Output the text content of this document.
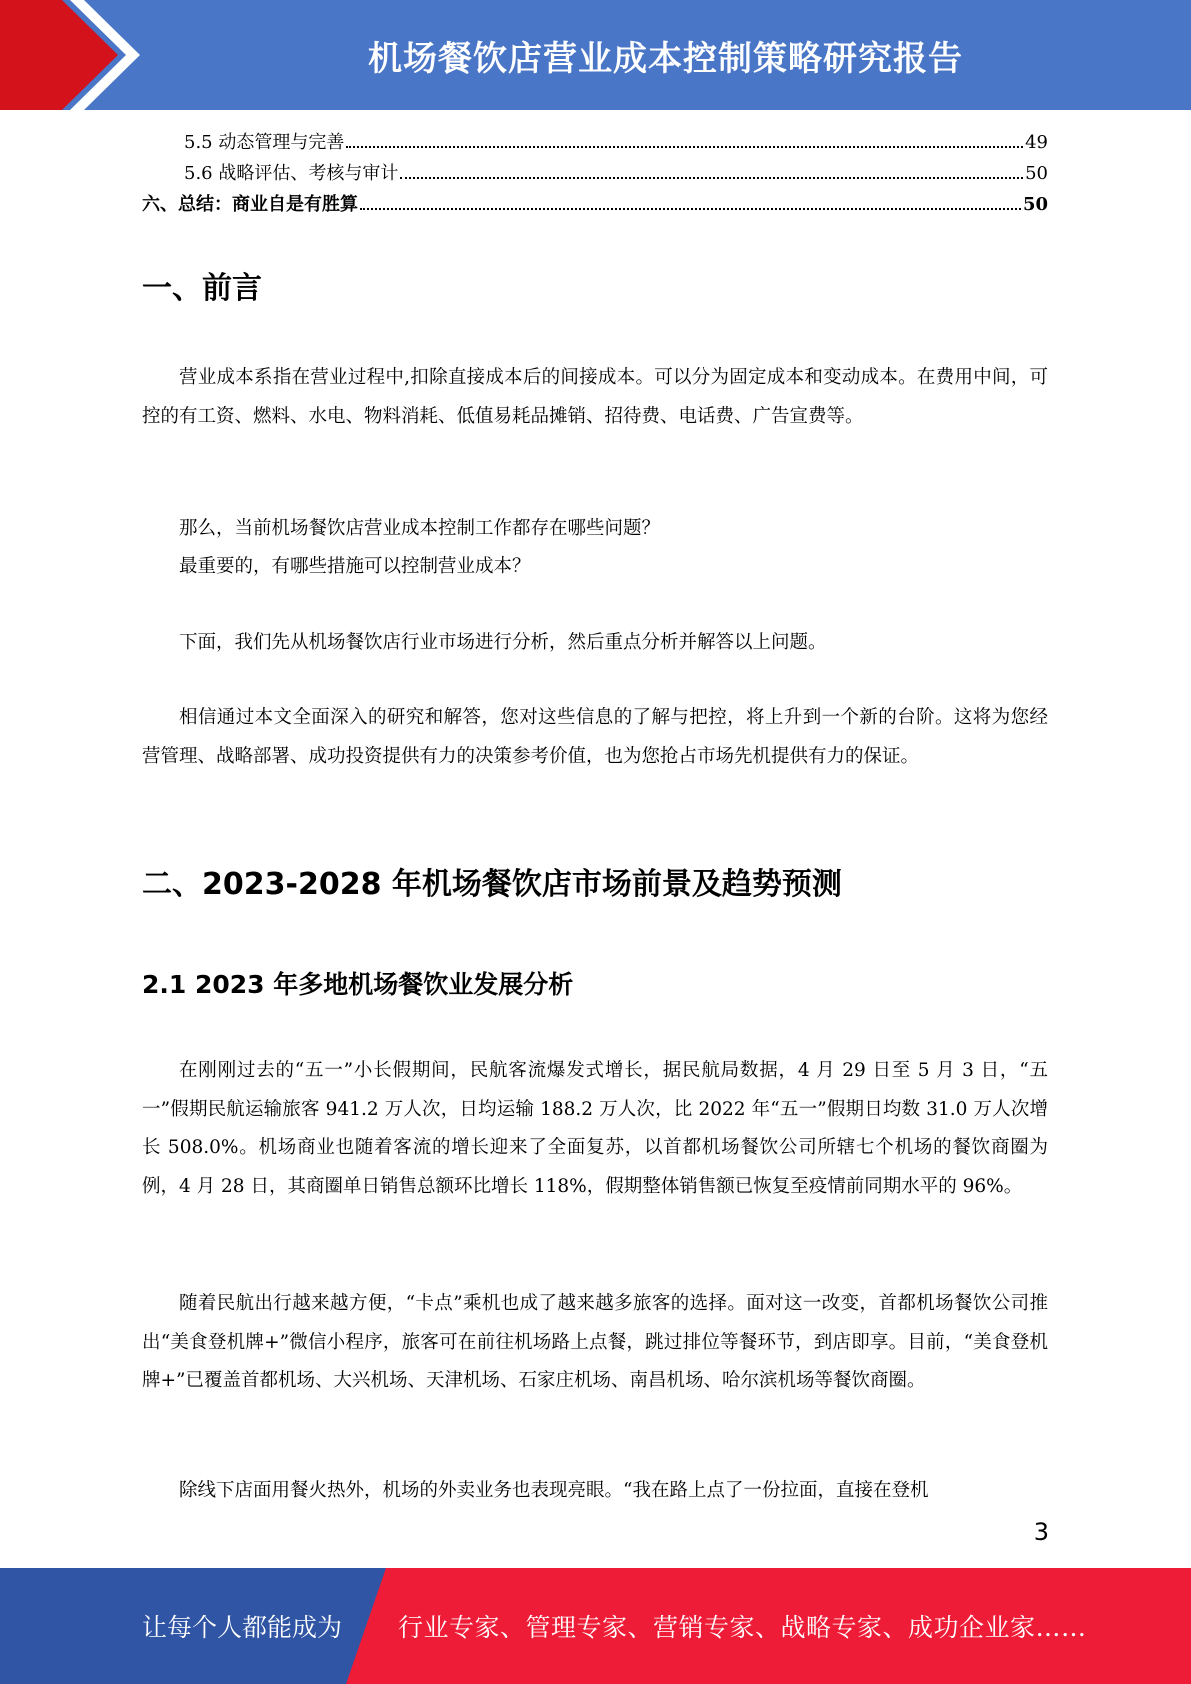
机场餐饮店营业成本控制策略研究报告
5.5 动态管理与完善	49
5.6 战略评估、考核与审计	50
六、总结：商业自是有胜算	50
一、前言

营业成本系指在营业过程中,扣除直接成本后的间接成本。可以分为固定成本和变动成本。在费用中间，可控的有工资、燃料、水电、物料消耗、低值易耗品摊销、招待费、电话费、广告宣费等。

那么，当前机场餐饮店营业成本控制工作都存在哪些问题？

最重要的，有哪些措施可以控制营业成本？

下面，我们先从机场餐饮店行业市场进行分析，然后重点分析并解答以上问题。

相信通过本文全面深入的研究和解答，您对这些信息的了解与把控，将上升到一个新的台阶。这将为您经营管理、战略部署、成功投资提供有力的决策参考价值，也为您抢占市场先机提供有力的保证。

二、2023-2028 年机场餐饮店市场前景及趋势预测
2.1 2023 年多地机场餐饮业发展分析

在刚刚过去的“五一”小长假期间，民航客流爆发式增长，据民航局数据，4 月 29 日至 5 月 3 日，“五一”假期民航运输旅客 941.2 万人次，日均运输 188.2 万人次，比 2022 年“五一”假期日均数 31.0 万人次增长 508.0%。机场商业也随着客流的增长迎来了全面复苏，以首都机场餐饮公司所辖七个机场的餐饮商圈为例，4 月 28 日，其商圈单日销售总额环比增长 118%，假期整体销售额已恢复至疫情前同期水平的 96%。

随着民航出行越来越方便，“卡点”乘机也成了越来越多旅客的选择。面对这一改变，首都机场餐饮公司推出“美食登机牌+”微信小程序，旅客可在前往机场路上点餐，跳过排位等餐环节，到店即享。目前，“美食登机牌+”已覆盖首都机场、大兴机场、天津机场、石家庄机场、南昌机场、哈尔滨机场等餐饮商圈。

除线下店面用餐火热外，机场的外卖业务也表现亮眼。“我在路上点了一份拉面，直接在登机

3
让每个人都能成为 行业专家、管理专家、营销专家、战略专家、成功企业家……
